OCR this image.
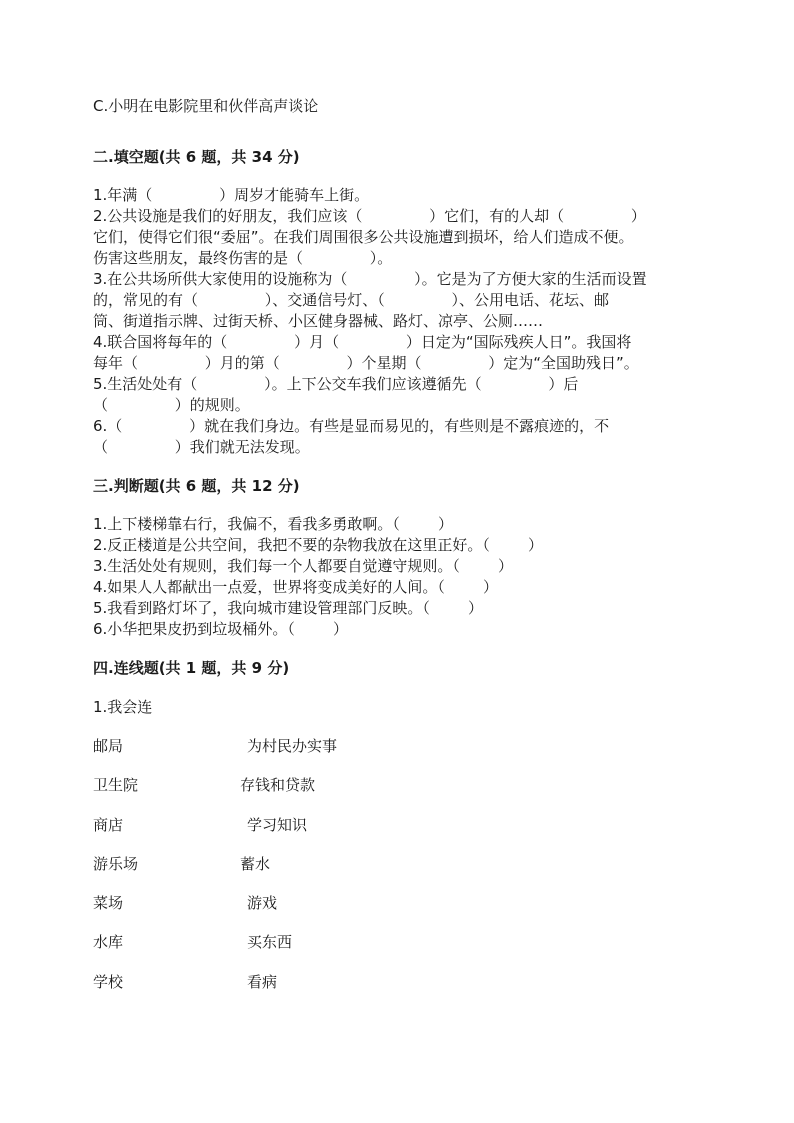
C.小明在电影院里和伙伴高声谈论
二.填空题(共 6 题，共 34 分)
1.年满（              ）周岁才能骑车上街。
2.公共设施是我们的好朋友，我们应该（              ）它们，有的人却（              ）
它们，使得它们很“委屈”。在我们周围很多公共设施遭到损坏，给人们造成不便。
伤害这些朋友，最终伤害的是（              ）。
3.在公共场所供大家使用的设施称为（              ）。它是为了方便大家的生活而设置
的，常见的有（              ）、交通信号灯、（              ）、公用电话、花坛、邮
筒、街道指示牌、过街天桥、小区健身器械、路灯、凉亭、公厕……
4.联合国将每年的（              ）月（              ）日定为“国际残疾人日”。我国将
每年（              ）月的第（              ）个星期（              ）定为“全国助残日”。
5.生活处处有（              ）。上下公交车我们应该遵循先（              ）后
（              ）的规则。
6.（              ）就在我们身边。有些是显而易见的，有些则是不露痕迹的，不
（              ）我们就无法发现。
三.判断题(共 6 题，共 12 分)
1.上下楼梯靠右行，我偏不，看我多勇敢啊。（        ）
2.反正楼道是公共空间，我把不要的杂物我放在这里正好。（        ）
3.生活处处有规则，我们每一个人都要自觉遵守规则。（        ）
4.如果人人都献出一点爱，世界将变成美好的人间。（        ）
5.我看到路灯坏了，我向城市建设管理部门反映。（        ）
6.小华把果皮扔到垃圾桶外。（        ）
四.连线题(共 1 题，共 9 分)
1.我会连
邮局	为村民办实事
卫生院	存钱和贷款
商店	学习知识
游乐场	蓄水
菜场	游戏
水库	买东西
学校	看病
